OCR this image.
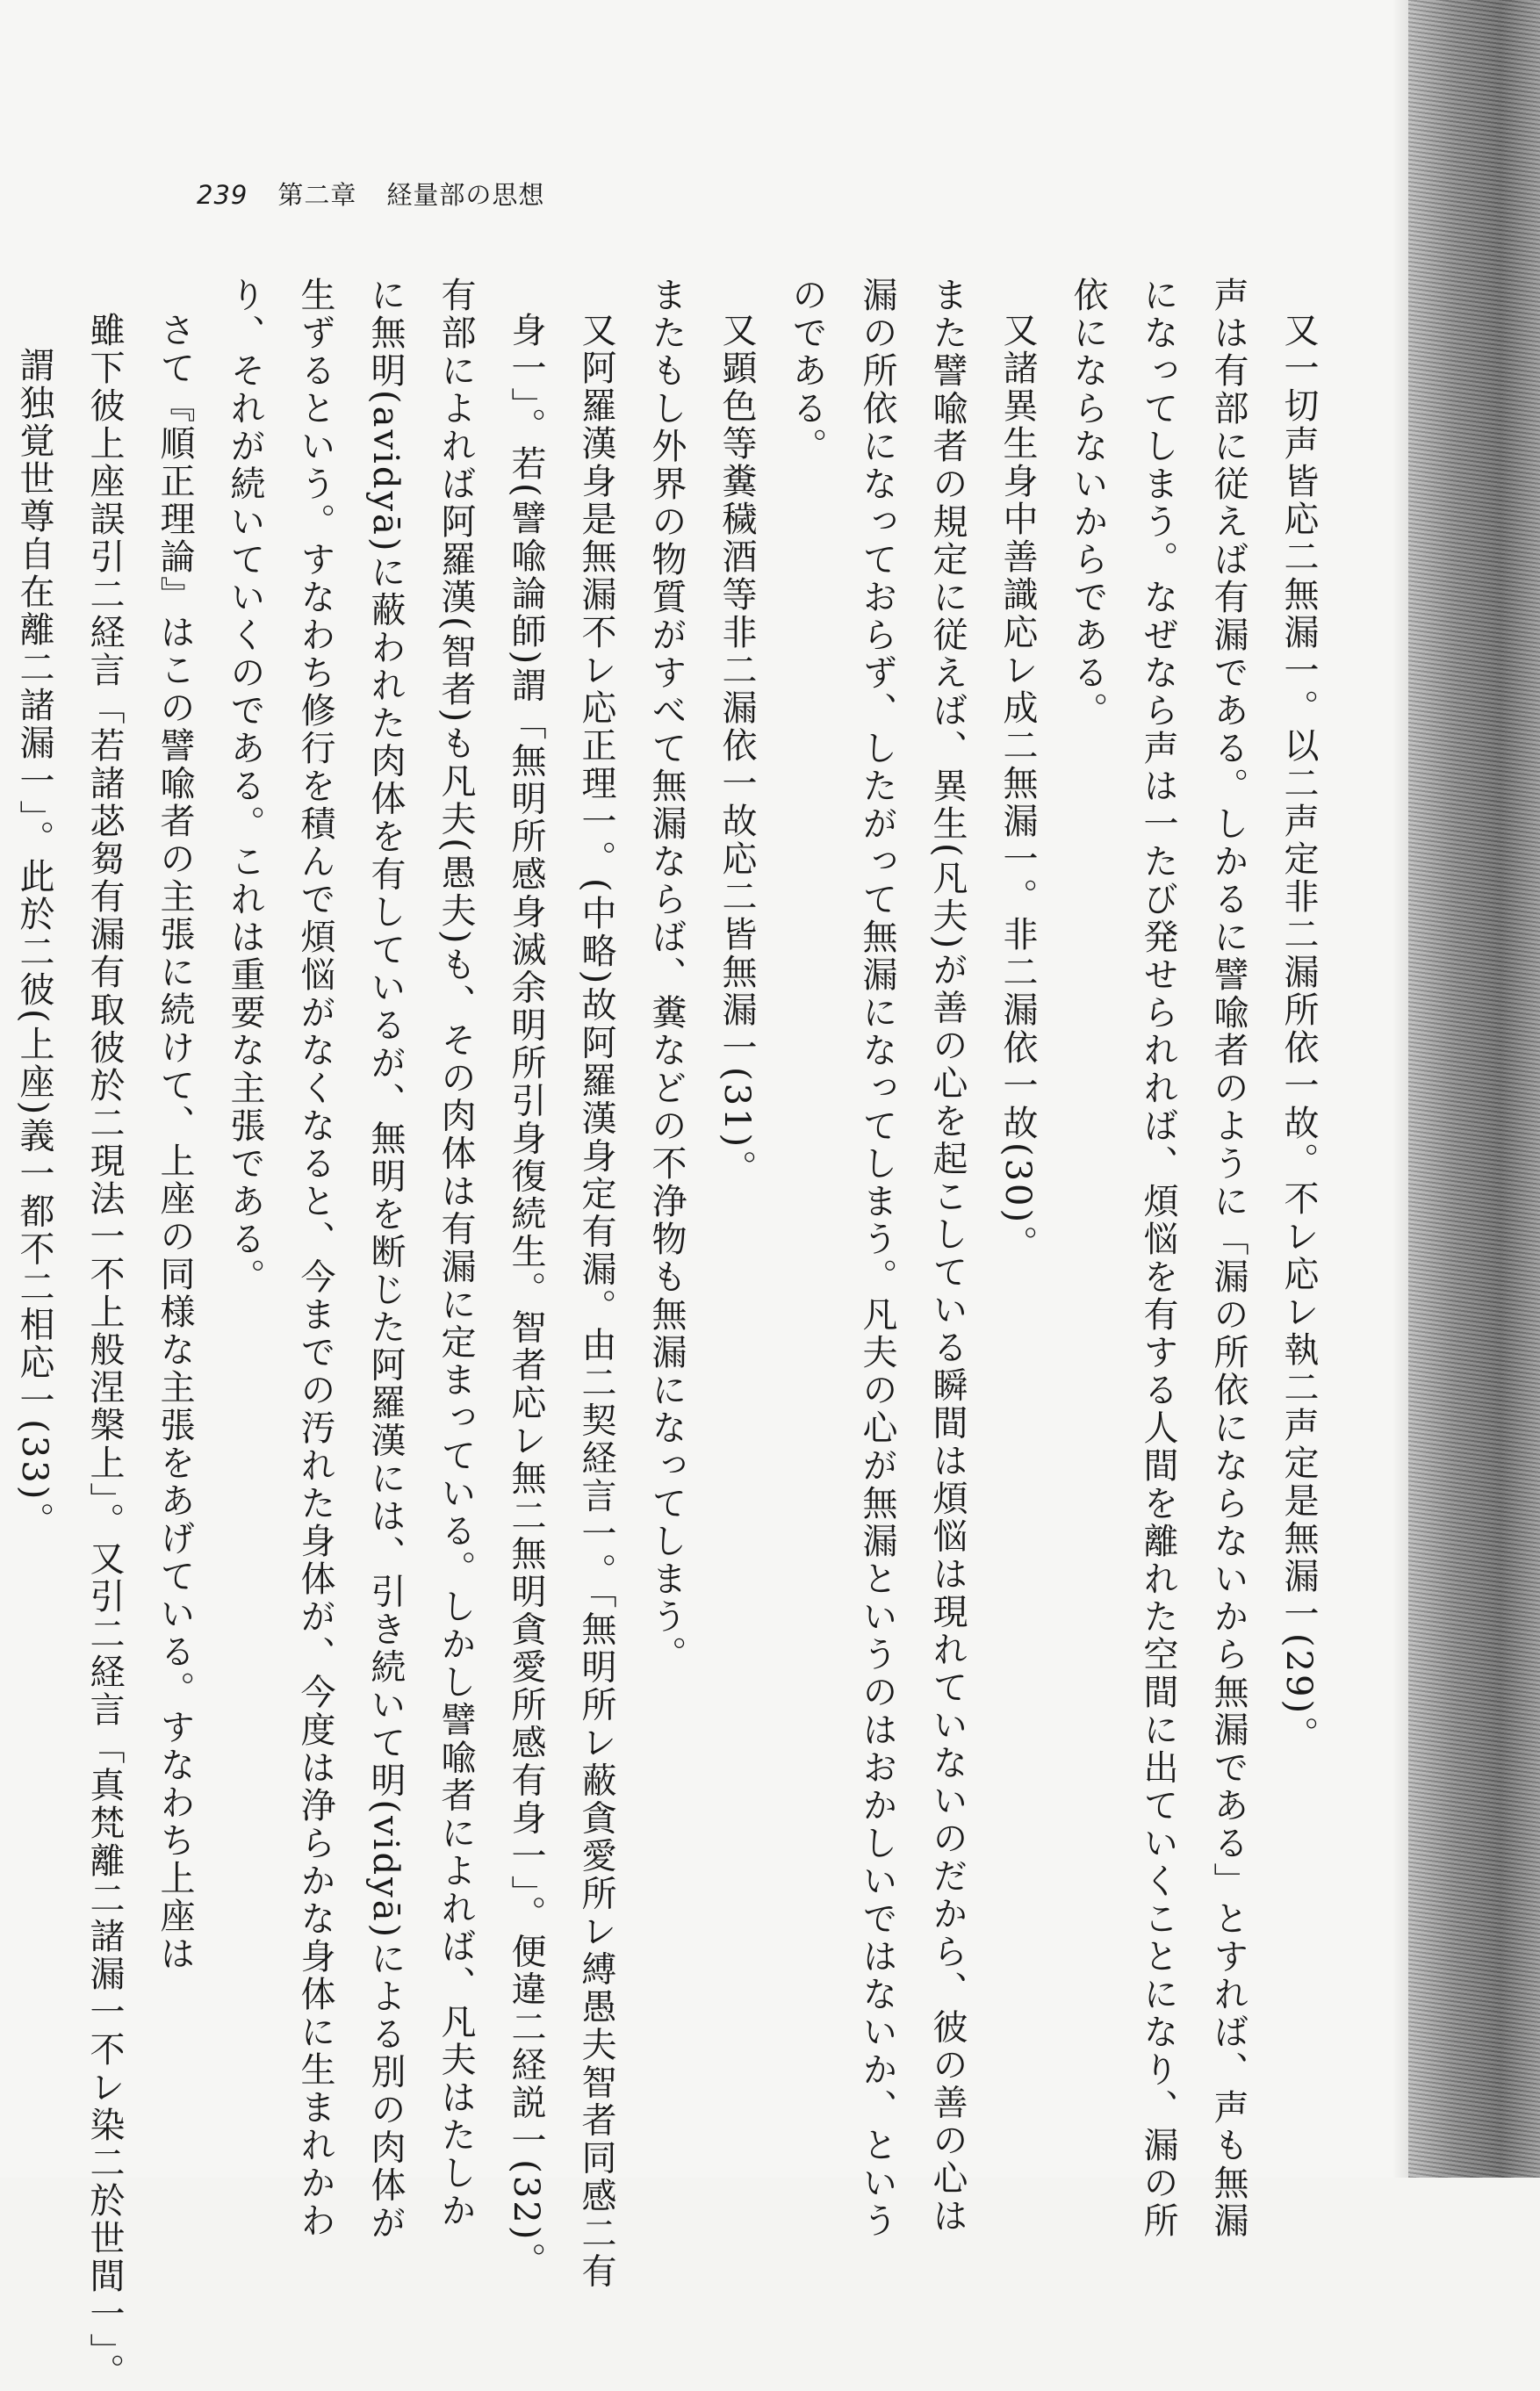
239 第二章 経量部の思想
又一切声皆応二無漏一。以二声定非二漏所依一故。不レ応レ執二声定是無漏一(29)。
声は有部に従えば有漏である。しかるに譬喩者のように「漏の所依にならないから無漏である」とすれば、声も無漏
になってしまう。なぜなら声は一たび発せられれば、煩悩を有する人間を離れた空間に出ていくことになり、漏の所
依にならないからである。
又諸異生身中善識応レ成二無漏一。非二漏依一故(30)。
また譬喩者の規定に従えば、異生(凡夫)が善の心を起こしている瞬間は煩悩は現れていないのだから、彼の善の心は
漏の所依になっておらず、したがって無漏になってしまう。凡夫の心が無漏というのはおかしいではないか、という
のである。
又顕色等糞穢酒等非二漏依一故応二皆無漏一(31)。
またもし外界の物質がすべて無漏ならば、糞などの不浄物も無漏になってしまう。
又阿羅漢身是無漏不レ応正理一。(中略)故阿羅漢身定有漏。由二契経言一。「無明所レ蔽貪愛所レ縛愚夫智者同感二有
身一」。若(譬喩論師)謂「無明所感身滅余明所引身復続生。智者応レ無二無明貪愛所感有身一」。便違二経説一(32)。
有部によれば阿羅漢(智者)も凡夫(愚夫)も、その肉体は有漏に定まっている。しかし譬喩者によれば、凡夫はたしか
に無明(avidyā)に蔽われた肉体を有しているが、無明を断じた阿羅漢には、引き続いて明(vidyā)による別の肉体が
生ずるという。すなわち修行を積んで煩悩がなくなると、今までの汚れた身体が、今度は浄らかな身体に生まれかわ
り、それが続いていくのである。これは重要な主張である。
さて『順正理論』はこの譬喩者の主張に続けて、上座の同様な主張をあげている。すなわち上座は
雖下彼上座誤引二経言「若諸苾芻有漏有取彼於二現法一不上般涅槃上」。又引二経言「真梵離二諸漏一不レ染二於世間一」。
謂独覚世尊自在離二諸漏一」。此於二彼(上座)義一都不二相応一(33)。
